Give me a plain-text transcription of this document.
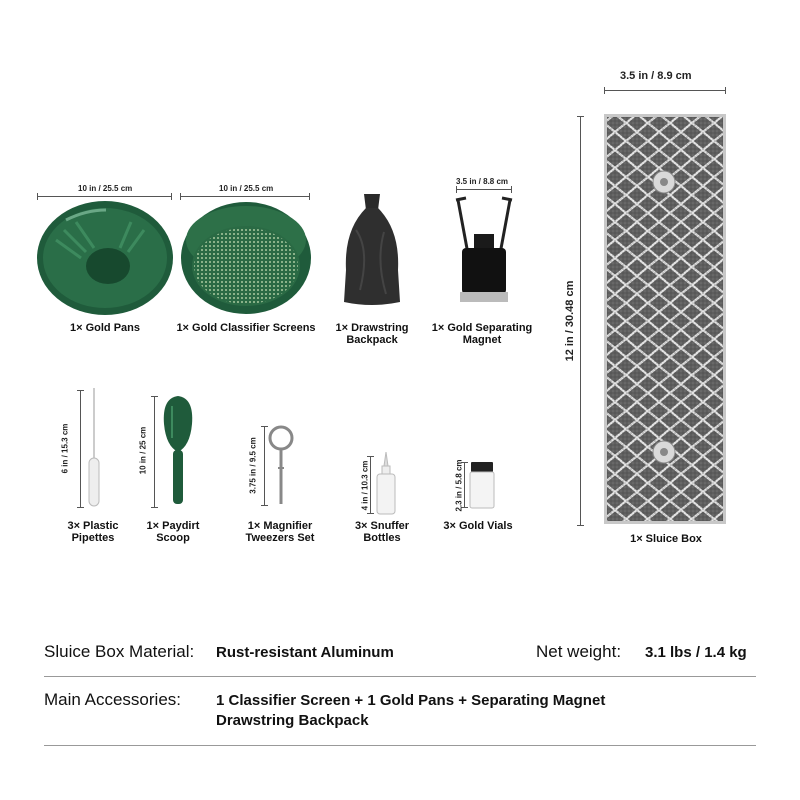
10 in / 25.5 cm
1× Gold Pans
10 in / 25.5 cm
1× Gold Classifier Screens	1× Drawstring
Backpack
3.5 in / 8.8 cm
1× Gold Separating
Magnet
3.5 in / 8.9 cm
12 in / 30.48 cm
1× Sluice Box
6 in / 15.3 cm
3× Plastic
Pipettes
10 in / 25 cm
1× Paydirt
Scoop
3.75 in / 9.5 cm
1× Magnifier
Tweezers Set
4 in / 10.3 cm
3× Snuffer
Bottles
2.3 in / 5.8 cm
3× Gold Vials
Sluice Box Material: Rust-resistant Aluminum	Net weight: 3.1 lbs / 1.4 kg
Main Accessories: 1 Classifier Screen + 1 Gold Pans + Separating Magnet
Drawstring Backpack
